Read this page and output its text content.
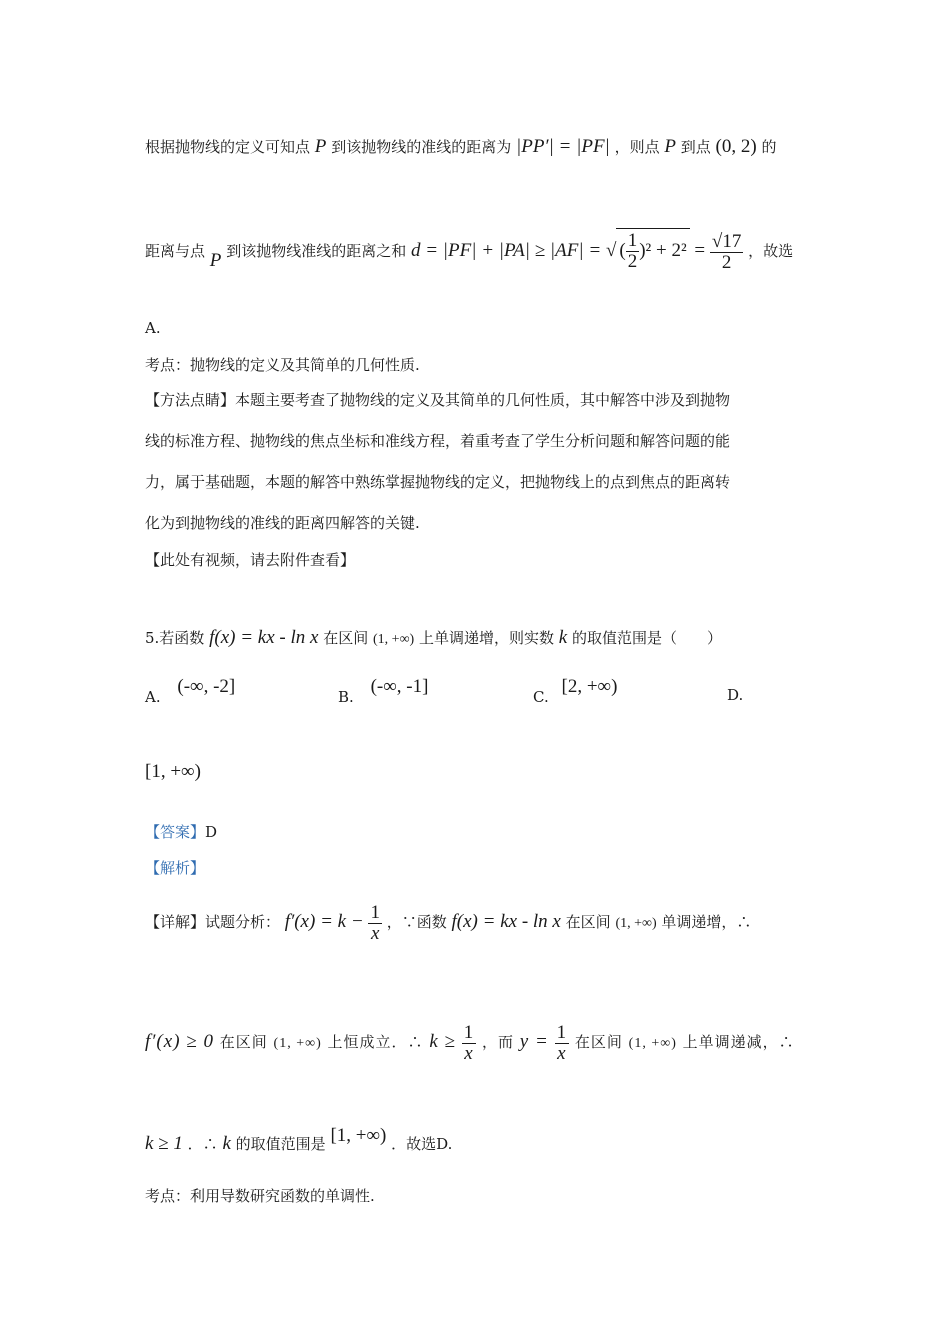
根据抛物线的定义可知点 P 到该抛物线的准线的距离为 |PP′| = |PF| ，则点 P 到点 (0, 2) 的
距离与点 P 到该抛物线准线的距离之和 d = |PF| + |PA| ≥ |AF| = √ ( $\frac{1}{2} )^2 + 2^2 = \frac{√17}{2}$ ，故选
A.
考点：抛物线的定义及其简单的几何性质.
【方法点睛】本题主要考查了抛物线的定义及其简单的几何性质，其中解答中涉及到抛物
线的标准方程、抛物线的焦点坐标和准线方程，着重考查了学生分析问题和解答问题的能
力，属于基础题，本题的解答中熟练掌握抛物线的定义，把抛物线上的点到焦点的距离转
化为到抛物线的准线的距离四解答的关键.
【此处有视频，请去附件查看】
5.若函数 f(x) = kx - ln x 在区间 (1, +∞) 上单调递增，则实数 k 的取值范围是（　　）
A. (-∞, -2]	B. (-∞, -1]	C. [2, +∞)	D.
[1, +∞)
【答案】D
【解析】
【详解】试题分析： $f'(x) = k - \frac{1}{x}$ ，∵函数 f(x) = kx - ln x 在区间 (1, +∞) 单调递增，∴
f′(x) ≥ 0 在区间 (1, +∞) 上恒成立．∴ $k \ge \frac{1}{x}$ ，而 $y = \frac{1}{x}$ 在区间 (1, +∞) 上单调递减，∴
k ≥ 1 ．∴ k 的取值范围是 [1, +∞) ．故选D.
考点：利用导数研究函数的单调性.
